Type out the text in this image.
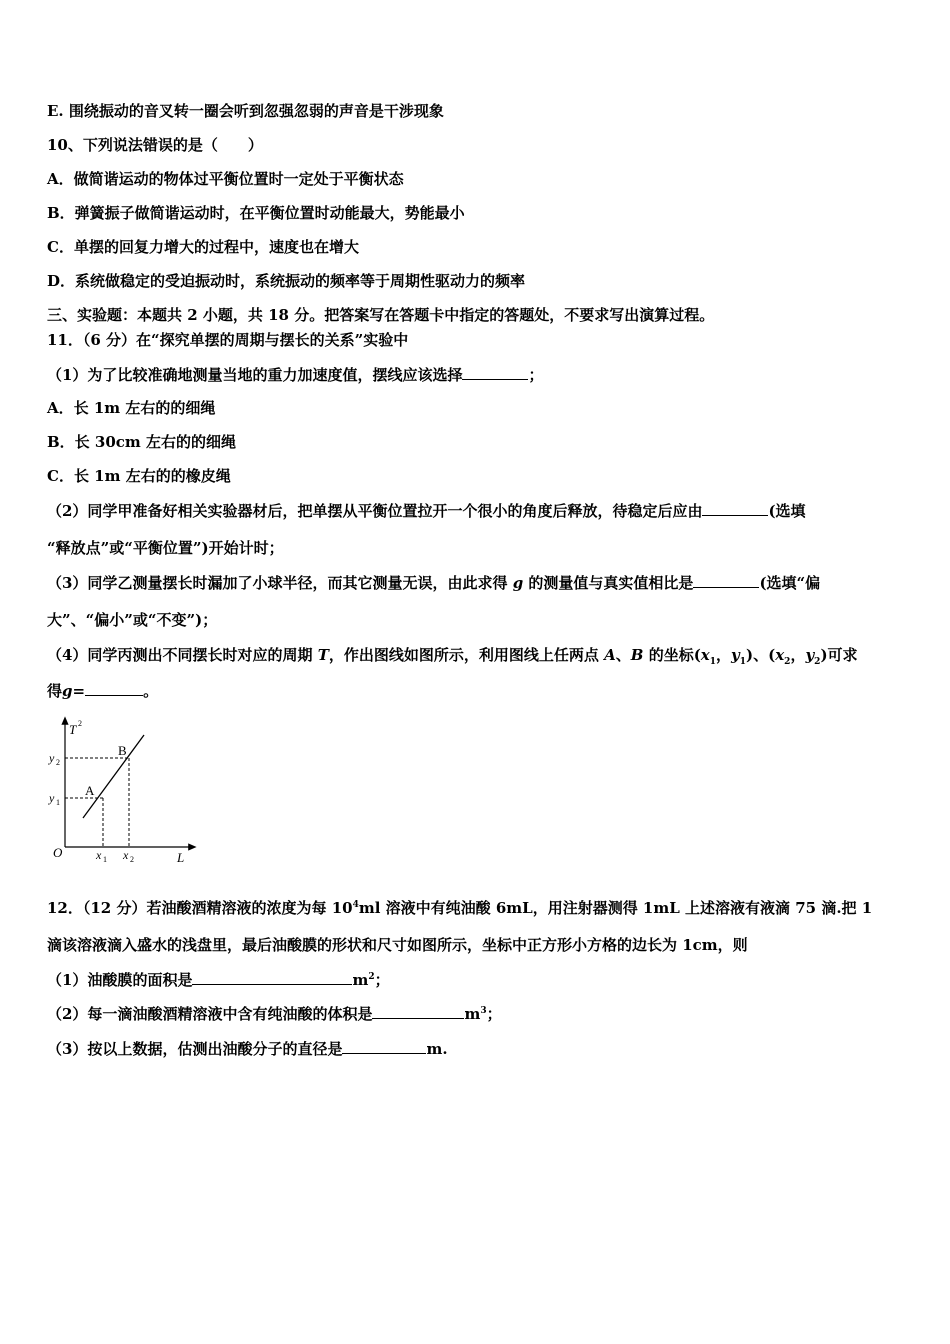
E. 围绕振动的音叉转一圈会听到忽强忽弱的声音是干涉现象
10、下列说法错误的是（　　）
A．做简谐运动的物体过平衡位置时一定处于平衡状态
B．弹簧振子做简谐运动时，在平衡位置时动能最大，势能最小
C．单摆的回复力增大的过程中，速度也在增大
D．系统做稳定的受迫振动时，系统振动的频率等于周期性驱动力的频率
三、实验题：本题共 2 小题，共 18 分。把答案写在答题卡中指定的答题处，不要求写出演算过程。
11．（6 分）在“探究单摆的周期与摆长的关系”实验中
（1）为了比较准确地测量当地的重力加速度值，摆线应该选择	；
A．长 1m 左右的的细绳
B．长 30cm 左右的的细绳
C．长 1m 左右的的橡皮绳
（2）同学甲准备好相关实验器材后，把单摆从平衡位置拉开一个很小的角度后释放，待稳定后应由	(选填
“释放点”或“平衡位置”)开始计时；
（3）同学乙测量摆长时漏加了小球半径，而其它测量无误，由此求得 g 的测量值与真实值相比是	(选填“偏
大”、“偏小”或“不变”)；
（4）同学丙测出不同摆长时对应的周期 T，作出图线如图所示，利用图线上任两点 A、B 的坐标($x_1$，$y_1$)、($x_2$，$y_2$)可求
得g=	。
T 2
L
O
y 1
y 2
x 1 x 2
A
B
12．（12 分）若油酸酒精溶液的浓度为每 $10^4ml$ 溶液中有纯油酸 6mL，用注射器测得 1mL 上述溶液有液滴 75 滴.把 1
滴该溶液滴入盛水的浅盘里，最后油酸膜的形状和尺寸如图所示，坐标中正方形小方格的边长为 1cm，则
（1）油酸膜的面积是	$m^2$；
（2）每一滴油酸酒精溶液中含有纯油酸的体积是	$m^3$；
（3）按以上数据，估测出油酸分子的直径是	m.
